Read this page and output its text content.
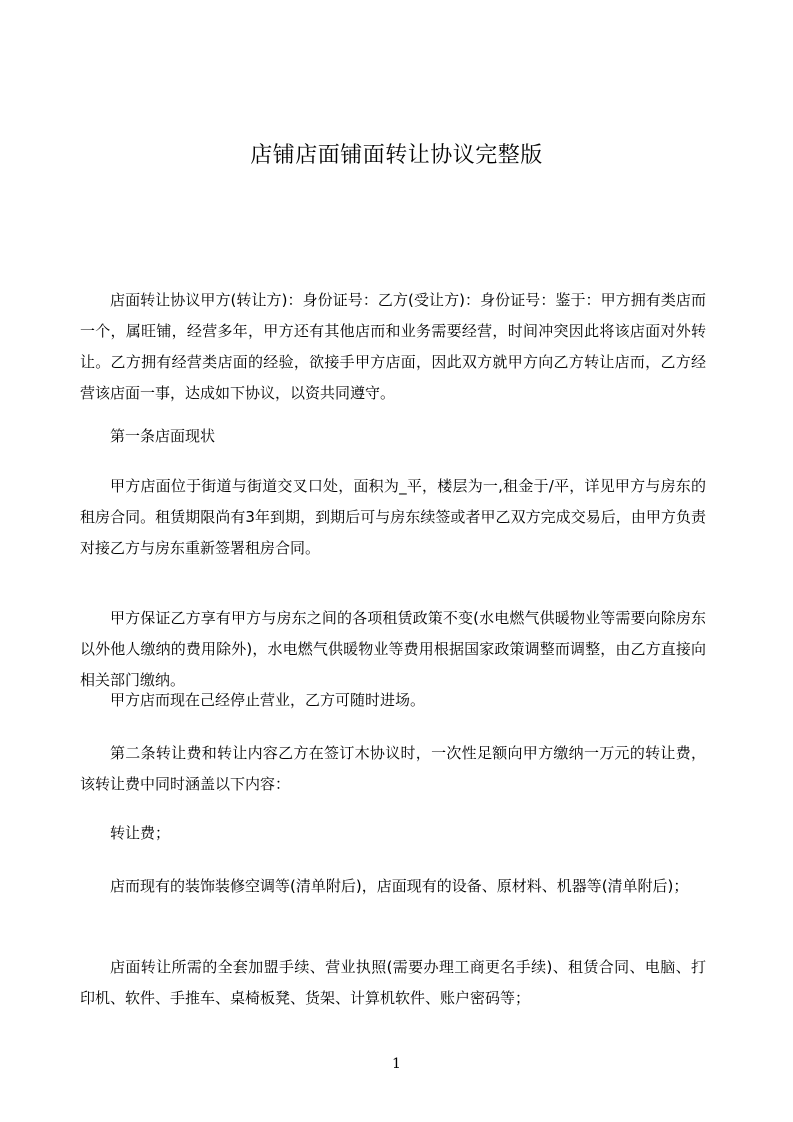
店铺店面铺面转让协议完整版
店面转让协议甲方(转让方)：身份证号：乙方(受让方)：身份证号：鉴于：甲方拥有类店而一个，属旺铺，经营多年，甲方还有其他店而和业务需要经营，时间冲突因此将该店面对外转让。乙方拥有经营类店面的经验，欲接手甲方店面，因此双方就甲方向乙方转让店而，乙方经营该店面一事，达成如下协议，以资共同遵守。
第一条店面现状
甲方店面位于街道与街道交叉口处，面积为_平，楼层为一,租金于/平，详见甲方与房东的租房合同。租赁期限尚有3年到期，到期后可与房东续签或者甲乙双方完成交易后，由甲方负责对接乙方与房东重新签署租房合同。
甲方保证乙方享有甲方与房东之间的各项租赁政策不变(水电燃气供暖物业等需要向除房东以外他人缴纳的费用除外)，水电燃气供暖物业等费用根据国家政策调整而调整，由乙方直接向相关部门缴纳。
甲方店而现在己经停止营业，乙方可随时进场。
第二条转让费和转让内容乙方在签订木协议时，一次性足额向甲方缴纳一万元的转让费，该转让费中同时涵盖以下内容：
转让费；
店而现有的装饰装修空调等(清单附后)，店面现有的设备、原材料、机器等(清单附后)；
店面转让所需的全套加盟手续、营业执照(需要办理工商更名手续)、租赁合同、电脑、打印机、软件、手推车、桌椅板凳、货架、计算机软件、账户密码等；
1
